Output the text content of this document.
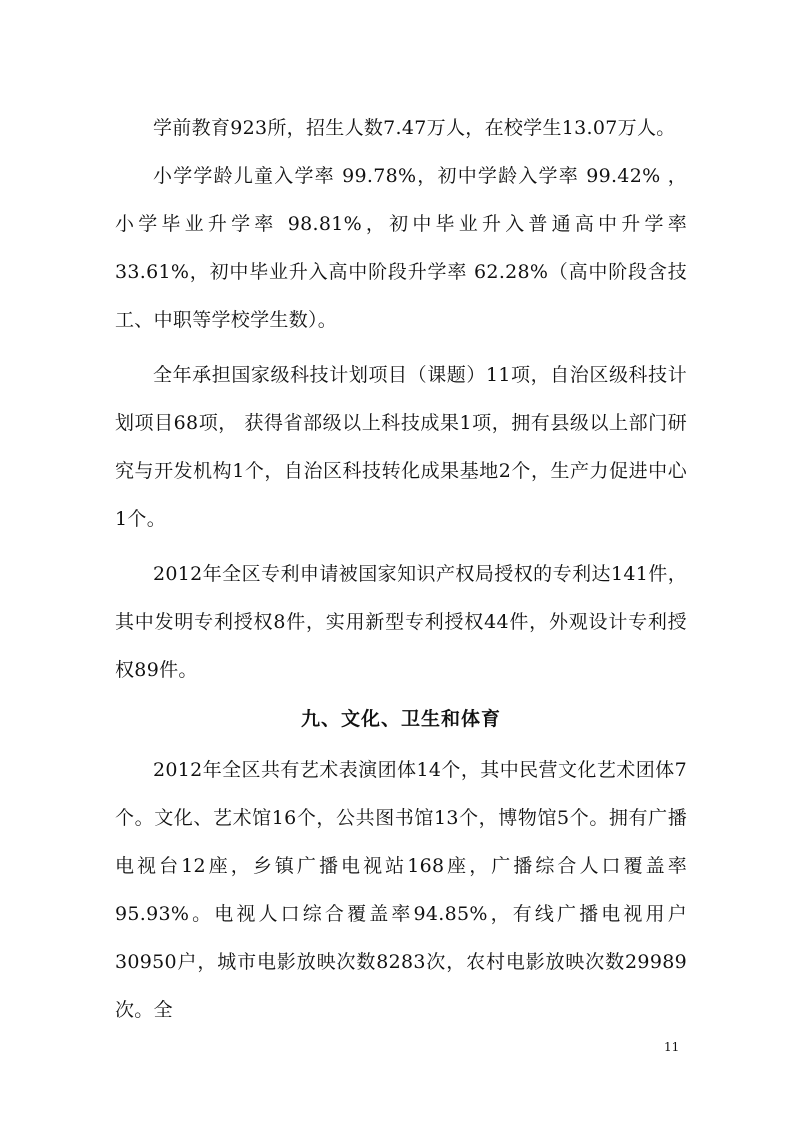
学前教育923所，招生人数7.47万人，在校学生13.07万人。

小学学龄儿童入学率 99.78%，初中学龄入学率 99.42% ，小学毕业升学率 98.81%，初中毕业升入普通高中升学率 33.61%，初中毕业升入高中阶段升学率 62.28%（高中阶段含技工、中职等学校学生数）。

全年承担国家级科技计划项目（课题）11项，自治区级科技计划项目68项， 获得省部级以上科技成果1项，拥有县级以上部门研究与开发机构1个，自治区科技转化成果基地2个，生产力促进中心1个。

2012年全区专利申请被国家知识产权局授权的专利达141件，其中发明专利授权8件，实用新型专利授权44件，外观设计专利授权89件。

九、文化、卫生和体育

2012年全区共有艺术表演团体14个，其中民营文化艺术团体7个。文化、艺术馆16个，公共图书馆13个，博物馆5个。拥有广播电视台12座，乡镇广播电视站168座，广播综合人口覆盖率95.93%。电视人口综合覆盖率94.85%，有线广播电视用户30950户，城市电影放映次数8283次，农村电影放映次数29989次。全

11
